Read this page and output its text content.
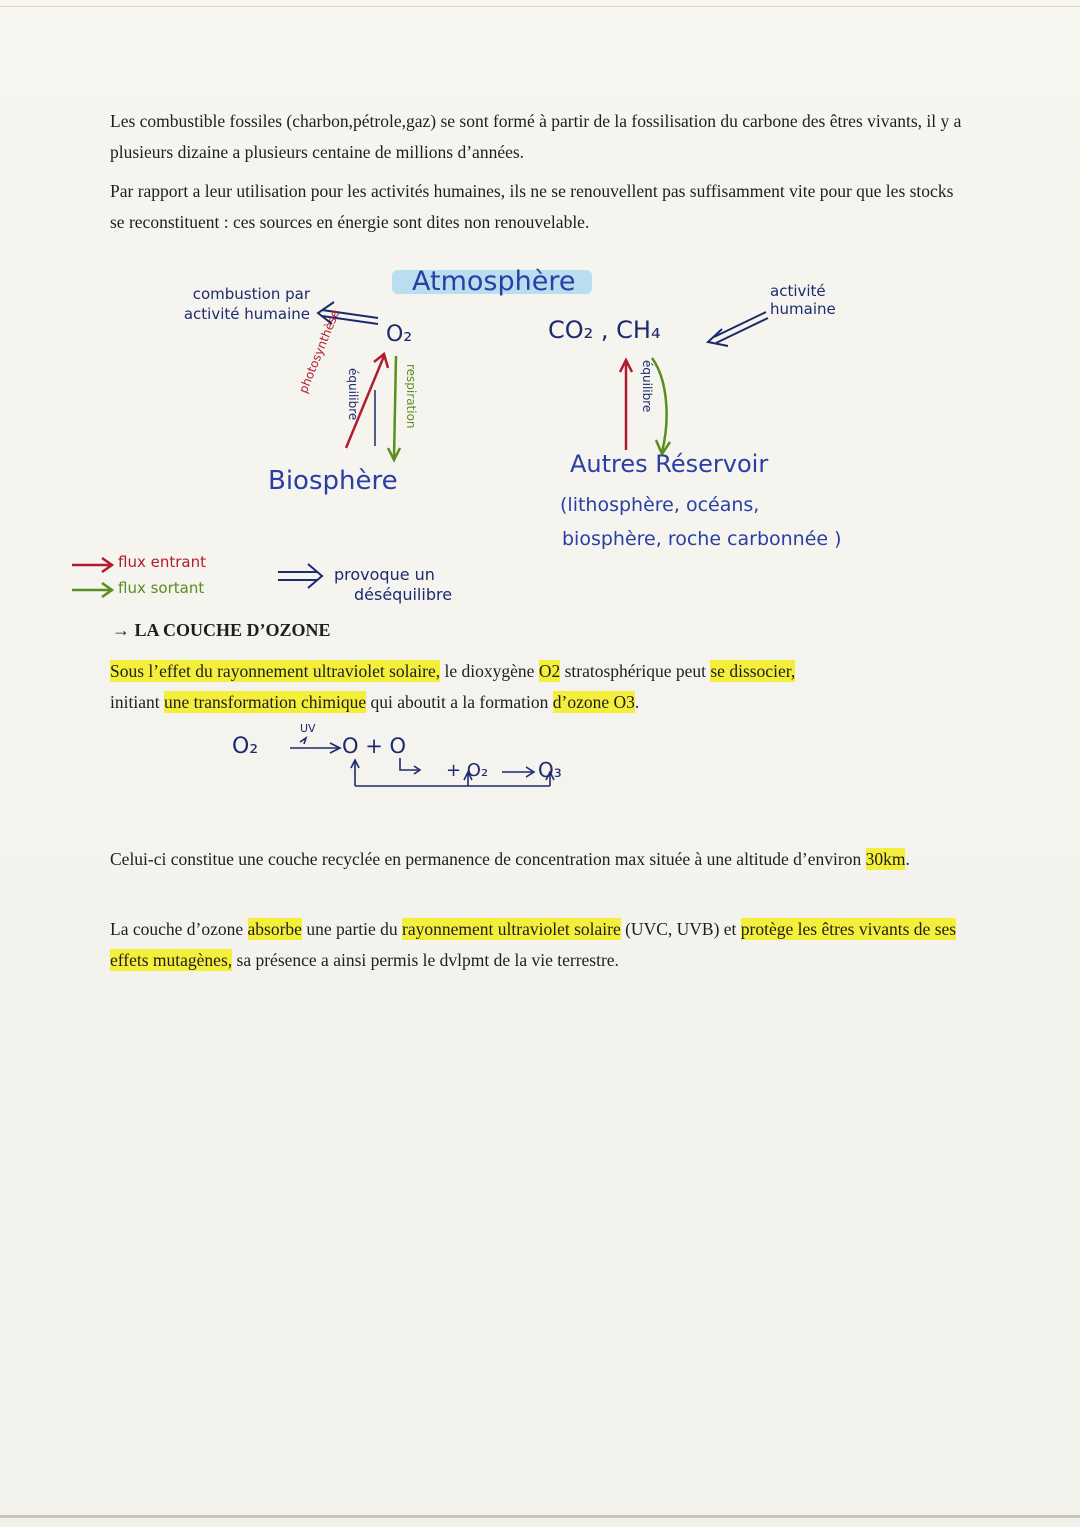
Les combustible fossiles (charbon,pétrole,gaz) se sont formé à partir de la fossilisation du carbone des êtres vivants, il y a plusieurs dizaine a plusieurs centaine de millions d’années.

Par rapport a leur utilisation pour les activités humaines, ils ne se renouvellent pas suffisamment vite pour que les stocks se reconstituent : ces sources en énergie sont dites non renouvelable.

Atmosphère
combustion par
activité humaine
O₂	CO₂ , CH₄
activité
humaine
photosynthèse équilibre	respiration
Biosphère
équilibre
Autres Réservoir
(lithosphère, océans,
biosphère, roche carbonnée )
flux entrant
flux sortant
provoque un
déséquilibre
→ LA COUCHE D’OZONE

Sous l’effet du rayonnement ultraviolet solaire, le dioxygène O2 stratosphérique peut se dissocier,
initiant une transformation chimique qui aboutit a la formation d’ozone O3.

O₂
UV
O + O
+ O₂ O₃

Celui-ci constitue une couche recyclée en permanence de concentration max située à une altitude d’environ 30km.

La couche d’ozone absorbe une partie du rayonnement ultraviolet solaire (UVC, UVB) et protège les êtres vivants de ses effets mutagènes, sa présence a ainsi permis le dvlpmt de la vie terrestre.
